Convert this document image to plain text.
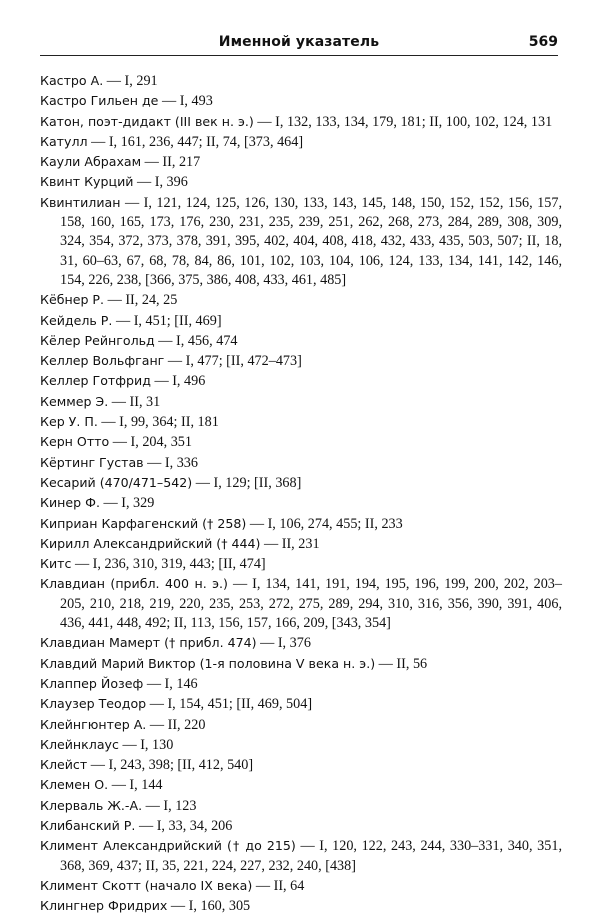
Именной указатель	569

Кастро А. — I, 291

Кастро Гильен де — I, 493

Катон, поэт-дидакт (III век н. э.) — I, 132, 133, 134, 179, 181; II, 100, 102, 124, 131

Катулл — I, 161, 236, 447; II, 74, [373, 464]

Каули Абрахам — II, 217

Квинт Курций — I, 396

Квинтилиан — I, 121, 124, 125, 126, 130, 133, 143, 145, 148, 150, 152, 152, 156, 157, 158, 160, 165, 173, 176, 230, 231, 235, 239, 251, 262, 268, 273, 284, 289, 308, 309, 324, 354, 372, 373, 378, 391, 395, 402, 404, 408, 418, 432, 433, 435, 503, 507; II, 18, 31, 60–63, 67, 68, 78, 84, 86, 101, 102, 103, 104, 106, 124, 133, 134, 141, 142, 146, 154, 226, 238, [366, 375, 386, 408, 433, 461, 485]

Кёбнер Р. — II, 24, 25

Кейдель Р. — I, 451; [II, 469]

Кёлер Рейнгольд — I, 456, 474

Келлер Вольфганг — I, 477; [II, 472–473]

Келлер Готфрид — I, 496

Кеммер Э. — II, 31

Кер У. П. — I, 99, 364; II, 181

Керн Отто — I, 204, 351

Кёртинг Густав — I, 336

Кесарий (470/471–542) — I, 129; [II, 368]

Кинер Ф. — I, 329

Киприан Карфагенский († 258) — I, 106, 274, 455; II, 233

Кирилл Александрийский († 444) — II, 231

Китс — I, 236, 310, 319, 443; [II, 474]

Клавдиан (прибл. 400 н. э.) — I, 134, 141, 191, 194, 195, 196, 199, 200, 202, 203–205, 210, 218, 219, 220, 235, 253, 272, 275, 289, 294, 310, 316, 356, 390, 391, 406, 436, 441, 448, 492; II, 113, 156, 157, 166, 209, [343, 354]

Клавдиан Мамерт († прибл. 474) — I, 376

Клавдий Марий Виктор (1-я половина V века н. э.) — II, 56

Клаппер Йозеф — I, 146

Клаузер Теодор — I, 154, 451; [II, 469, 504]

Клейнгюнтер А. — II, 220

Клейнклаус — I, 130

Клейст — I, 243, 398; [II, 412, 540]

Клемен О. — I, 144

Клерваль Ж.-А. — I, 123

Клибанский Р. — I, 33, 34, 206

Климент Александрийский († до 215) — I, 120, 122, 243, 244, 330–331, 340, 351, 368, 369, 437; II, 35, 221, 224, 227, 232, 240, [438]

Климент Скотт (начало IX века) — II, 64

Клингнер Фридрих — I, 160, 305
